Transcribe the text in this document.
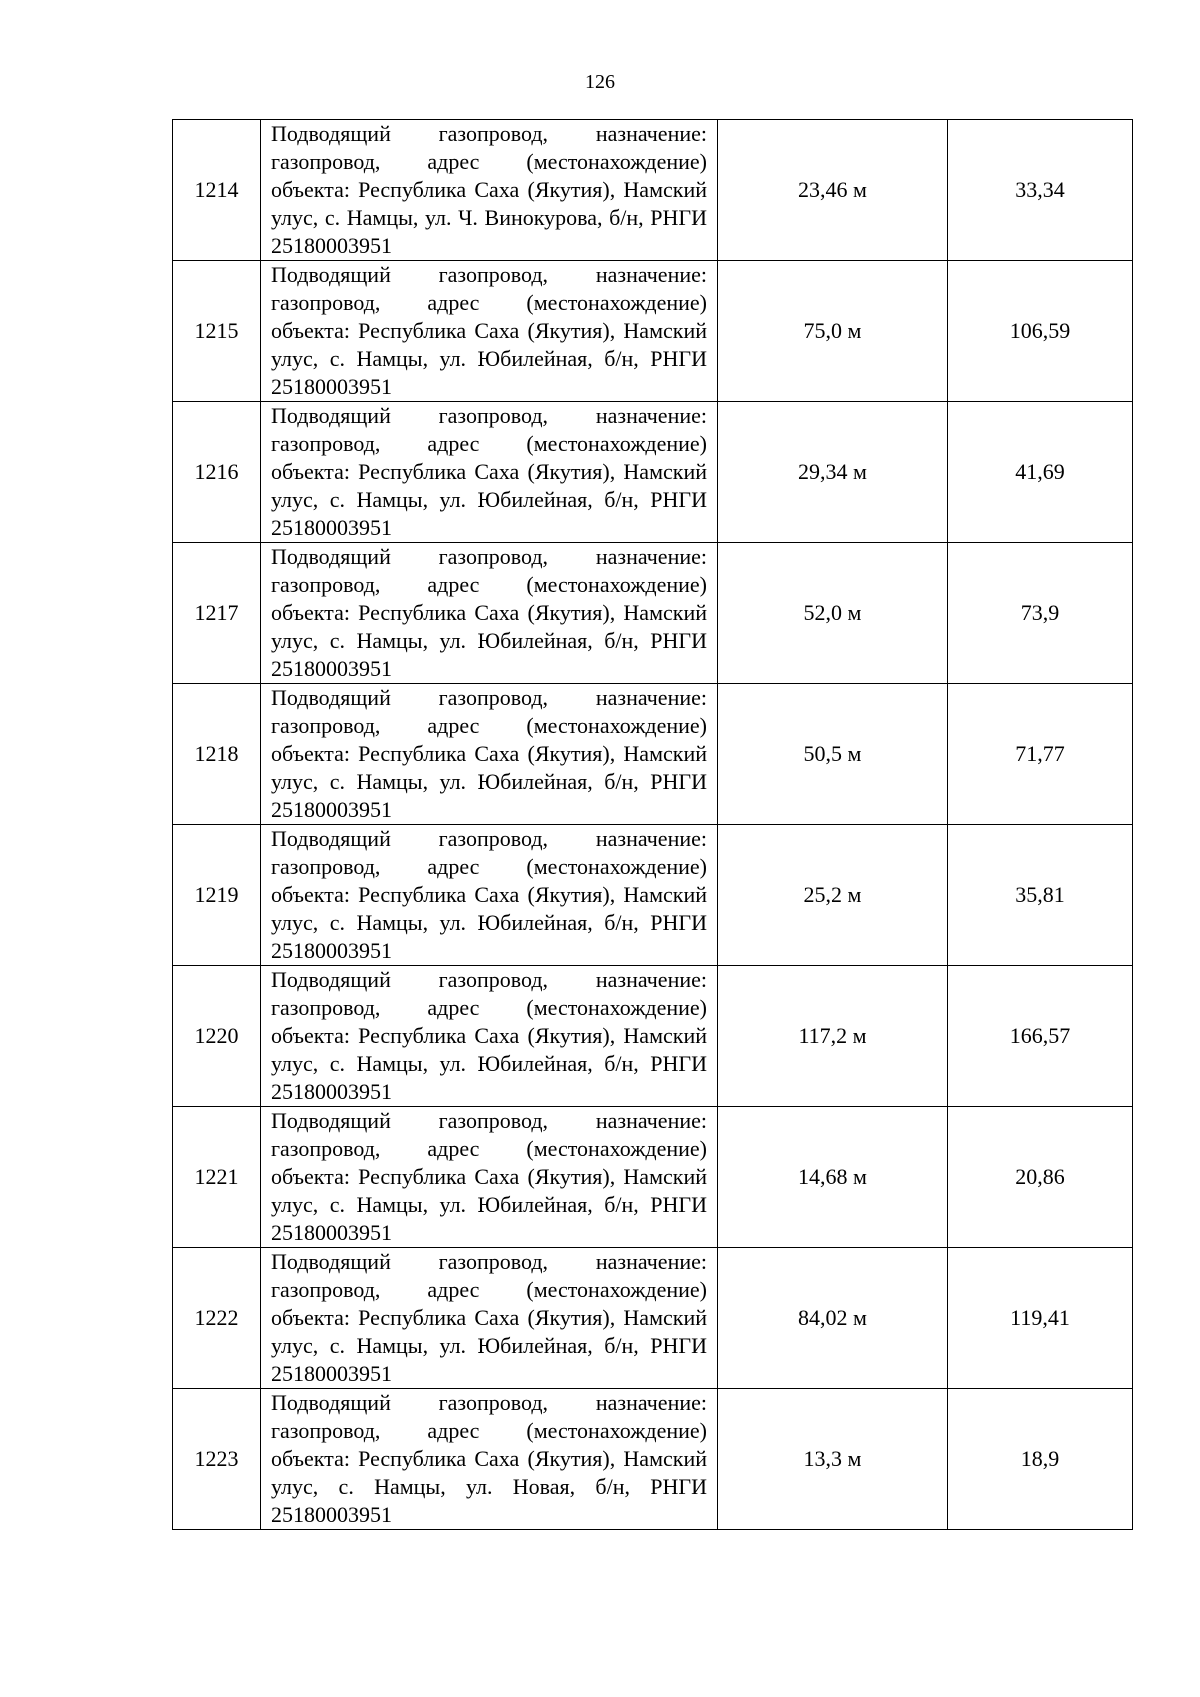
126
1214	Подводящий газопровод, назначение: газопровод, адрес (местонахождение) объекта: Республика Саха (Якутия), Намский улус, с. Намцы, ул. Ч. Винокурова, б/н, РНГИ 25180003951	23,46 м	33,34
1215	Подводящий газопровод, назначение: газопровод, адрес (местонахождение) объекта: Республика Саха (Якутия), Намский улус, с. Намцы, ул. Юбилейная, б/н, РНГИ 25180003951	75,0 м	106,59
1216	Подводящий газопровод, назначение: газопровод, адрес (местонахождение) объекта: Республика Саха (Якутия), Намский улус, с. Намцы, ул. Юбилейная, б/н, РНГИ 25180003951	29,34 м	41,69
1217	Подводящий газопровод, назначение: газопровод, адрес (местонахождение) объекта: Республика Саха (Якутия), Намский улус, с. Намцы, ул. Юбилейная, б/н, РНГИ 25180003951	52,0 м	73,9
1218	Подводящий газопровод, назначение: газопровод, адрес (местонахождение) объекта: Республика Саха (Якутия), Намский улус, с. Намцы, ул. Юбилейная, б/н, РНГИ 25180003951	50,5 м	71,77
1219	Подводящий газопровод, назначение: газопровод, адрес (местонахождение) объекта: Республика Саха (Якутия), Намский улус, с. Намцы, ул. Юбилейная, б/н, РНГИ 25180003951	25,2 м	35,81
1220	Подводящий газопровод, назначение: газопровод, адрес (местонахождение) объекта: Республика Саха (Якутия), Намский улус, с. Намцы, ул. Юбилейная, б/н, РНГИ 25180003951	117,2 м	166,57
1221	Подводящий газопровод, назначение: газопровод, адрес (местонахождение) объекта: Республика Саха (Якутия), Намский улус, с. Намцы, ул. Юбилейная, б/н, РНГИ 25180003951	14,68 м	20,86
1222	Подводящий газопровод, назначение: газопровод, адрес (местонахождение) объекта: Республика Саха (Якутия), Намский улус, с. Намцы, ул. Юбилейная, б/н, РНГИ 25180003951	84,02 м	119,41
1223	Подводящий газопровод, назначение: газопровод, адрес (местонахождение) объекта: Республика Саха (Якутия), Намский улус, с. Намцы, ул. Новая, б/н, РНГИ 25180003951	13,3 м	18,9
